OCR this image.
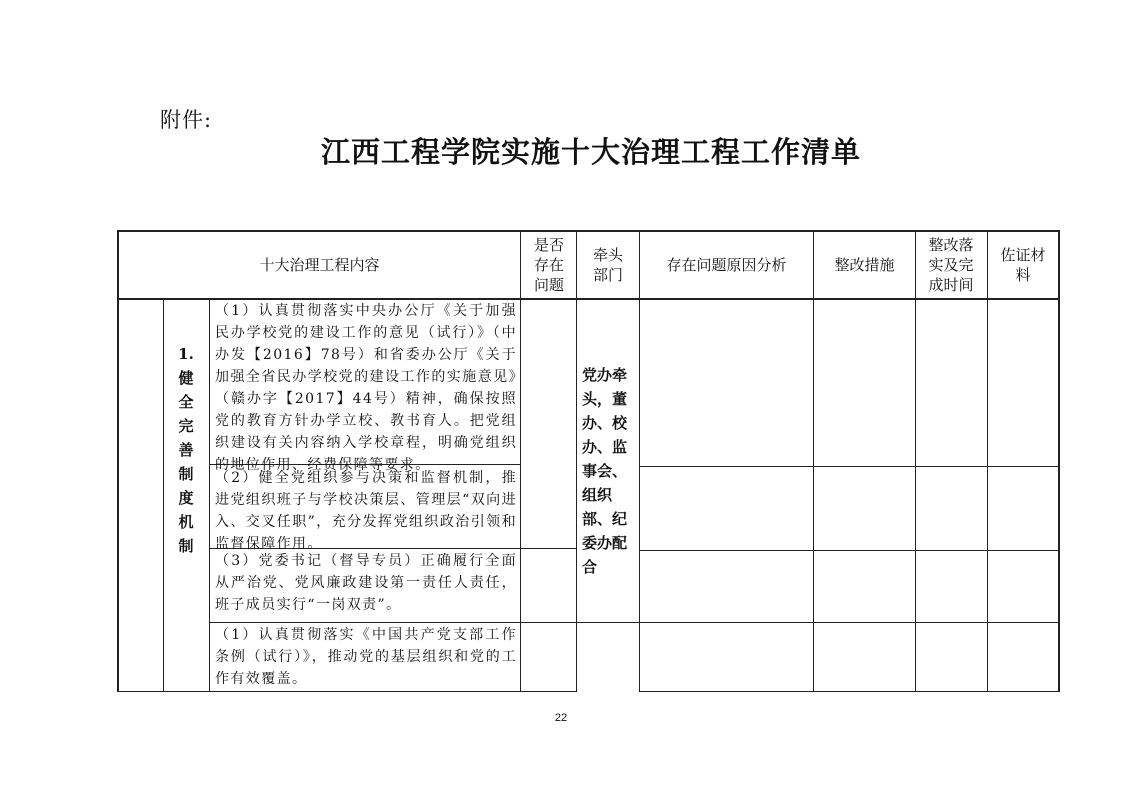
附件:
江西工程学院实施十大治理工程工作清单
十大治理工程内容
是否存在问题
牵头部门
存在问题原因分析	整改措施
整改落实及完成时间
佐证材料
1.
健全完善制度机制
（1）认真贯彻落实中央办公厅《关于加强民办学校党的建设工作的意见（试行）》（中办发【2016】78号）和省委办公厅《关于加强全省民办学校党的建设工作的实施意见》（赣办字【2017】44号）精神，确保按照党的教育方针办学立校、教书育人。把党组织建设有关内容纳入学校章程，明确党组织的地位作用、经费保障等要求。
（2）健全党组织参与决策和监督机制，推进党组织班子与学校决策层、管理层“双向进入、交叉任职”，充分发挥党组织政治引领和监督保障作用。
（3）党委书记（督导专员）正确履行全面从严治党、党风廉政建设第一责任人责任，班子成员实行“一岗双责”。
（1）认真贯彻落实《中国共产党支部工作条例（试行）》，推动党的基层组织和党的工作有效覆盖。
党办牵头，董办、校办、监事会、组织部、纪委办配合
22
